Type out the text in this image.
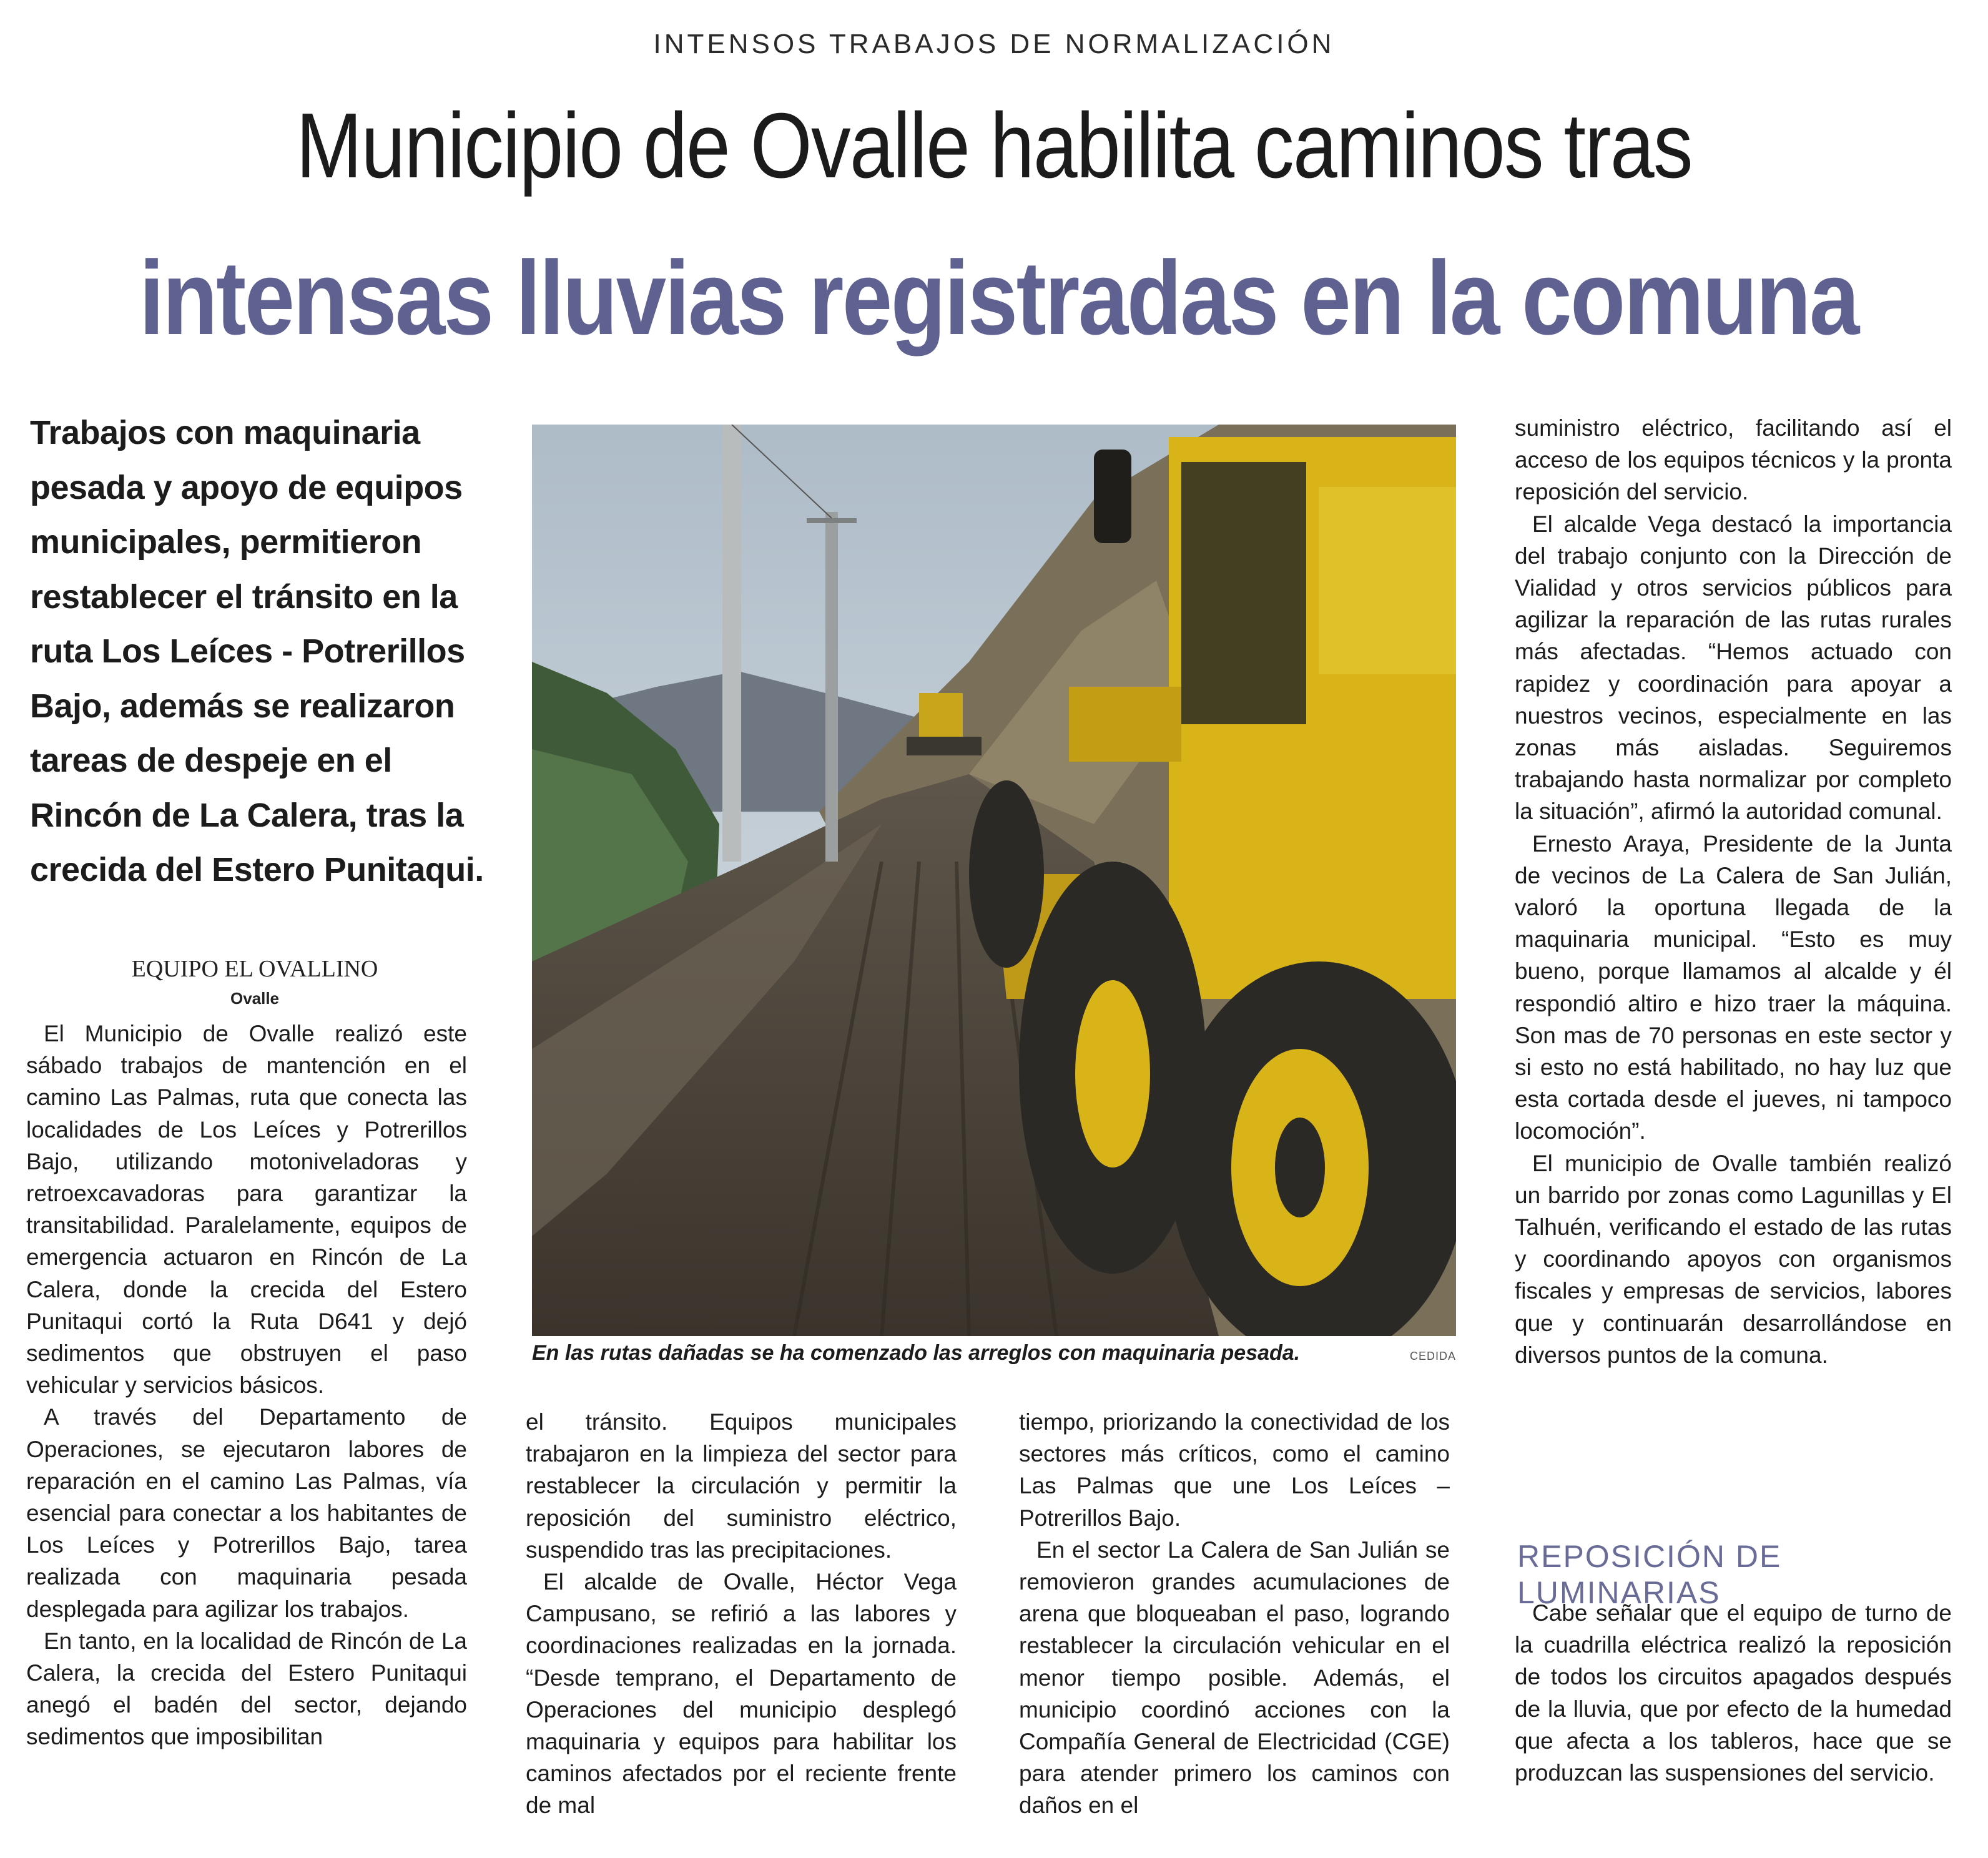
INTENSOS TRABAJOS DE NORMALIZACIÓN
Municipio de Ovalle habilita caminos tras
intensas lluvias registradas en la comuna
Trabajos con maquinaria pesada y apoyo de equipos municipales, permitieron restablecer el tránsito en la ruta Los Leíces - Potrerillos Bajo, además se realizaron tareas de despeje en el Rincón de La Calera, tras la crecida del Estero Punitaqui.
EQUIPO EL OVALLINO
Ovalle

El Municipio de Ovalle realizó este sábado trabajos de mantención en el camino Las Palmas, ruta que conecta las localidades de Los Leíces y Potrerillos Bajo, utilizando motoniveladoras y retroexcavadoras para garantizar la transitabilidad. Paralelamente, equipos de emergencia actuaron en Rincón de La Calera, donde la crecida del Estero Punitaqui cortó la Ruta D641 y dejó sedimentos que obstruyen el paso vehicular y servicios básicos.

A través del Departamento de Operaciones, se ejecutaron labores de reparación en el camino Las Palmas, vía esencial para conectar a los habitantes de Los Leíces y Potrerillos Bajo, tarea realizada con maquinaria pesada desplegada para agilizar los trabajos.

En tanto, en la localidad de Rincón de La Calera, la crecida del Estero Punitaqui anegó el badén del sector, dejando sedimentos que imposibilitan

En las rutas dañadas se ha comenzado las arreglos con maquinaria pesada.	CEDIDA

el tránsito. Equipos municipales trabajaron en la limpieza del sector para restablecer la circulación y permitir la reposición del suministro eléctrico, suspendido tras las precipitaciones.

El alcalde de Ovalle, Héctor Vega Campusano, se refirió a las labores y coordinaciones realizadas en la jornada. “Desde temprano, el Departamento de Operaciones del municipio desplegó maquinaria y equipos para habilitar los caminos afectados por el reciente frente de mal

tiempo, priorizando la conectividad de los sectores más críticos, como el camino Las Palmas que une Los Leíces – Potrerillos Bajo.

En el sector La Calera de San Julián se removieron grandes acumulaciones de arena que bloqueaban el paso, logrando restablecer la circulación vehicular en el menor tiempo posible. Además, el municipio coordinó acciones con la Compañía General de Electricidad (CGE) para atender primero los caminos con daños en el

suministro eléctrico, facilitando así el acceso de los equipos técnicos y la pronta reposición del servicio.

El alcalde Vega destacó la importancia del trabajo conjunto con la Dirección de Vialidad y otros servicios públicos para agilizar la reparación de las rutas rurales más afectadas. “Hemos actuado con rapidez y coordinación para apoyar a nuestros vecinos, especialmente en las zonas más aisladas. Seguiremos trabajando hasta normalizar por completo la situación”, afirmó la autoridad comunal.

Ernesto Araya, Presidente de la Junta de vecinos de La Calera de San Julián, valoró la oportuna llegada de la maquinaria municipal. “Esto es muy bueno, porque llamamos al alcalde y él respondió altiro e hizo traer la máquina. Son mas de 70 personas en este sector y si esto no está habilitado, no hay luz que esta cortada desde el jueves, ni tampoco locomoción”.

El municipio de Ovalle también realizó un barrido por zonas como Lagunillas y El Talhuén, verificando el estado de las rutas y coordinando apoyos con organismos fiscales y empresas de servicios, labores que y continuarán desarrollándose en diversos puntos de la comuna.

REPOSICIÓN DE LUMINARIAS

Cabe señalar que el equipo de turno de la cuadrilla eléctrica realizó la reposición de todos los circuitos apagados después de la lluvia, que por efecto de la humedad que afecta a los tableros, hace que se produzcan las suspensiones del servicio.
